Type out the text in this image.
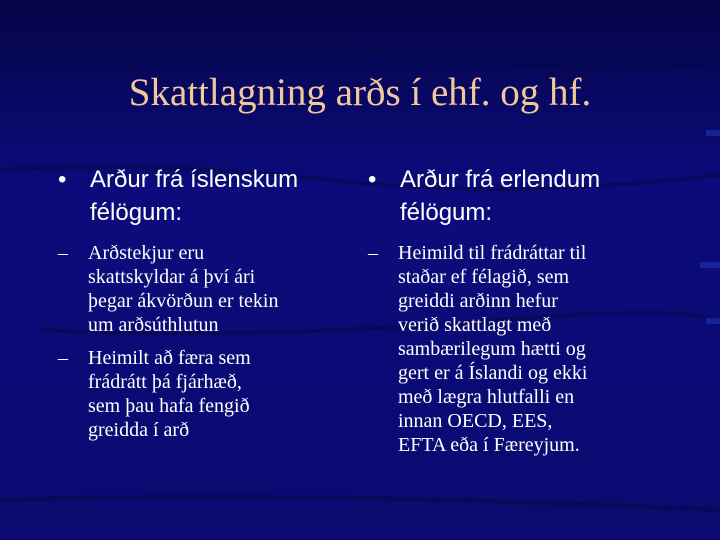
Skattlagning arðs í ehf. og hf.
• Arður frá íslenskum
félögum:
– Arðstekjur eru
skattskyldar á því ári
þegar ákvörðun er tekin
um arðsúthlutun
– Heimilt að færa sem
frádrátt þá fjárhæð,
sem þau hafa fengið
greidda í arð
• Arður frá erlendum
félögum:
– Heimild til frádráttar til
staðar ef félagið, sem
greiddi arðinn hefur
verið skattlagt með
sambærilegum hætti og
gert er á Íslandi og ekki
með lægra hlutfalli en
innan OECD, EES,
EFTA eða í Færeyjum.
